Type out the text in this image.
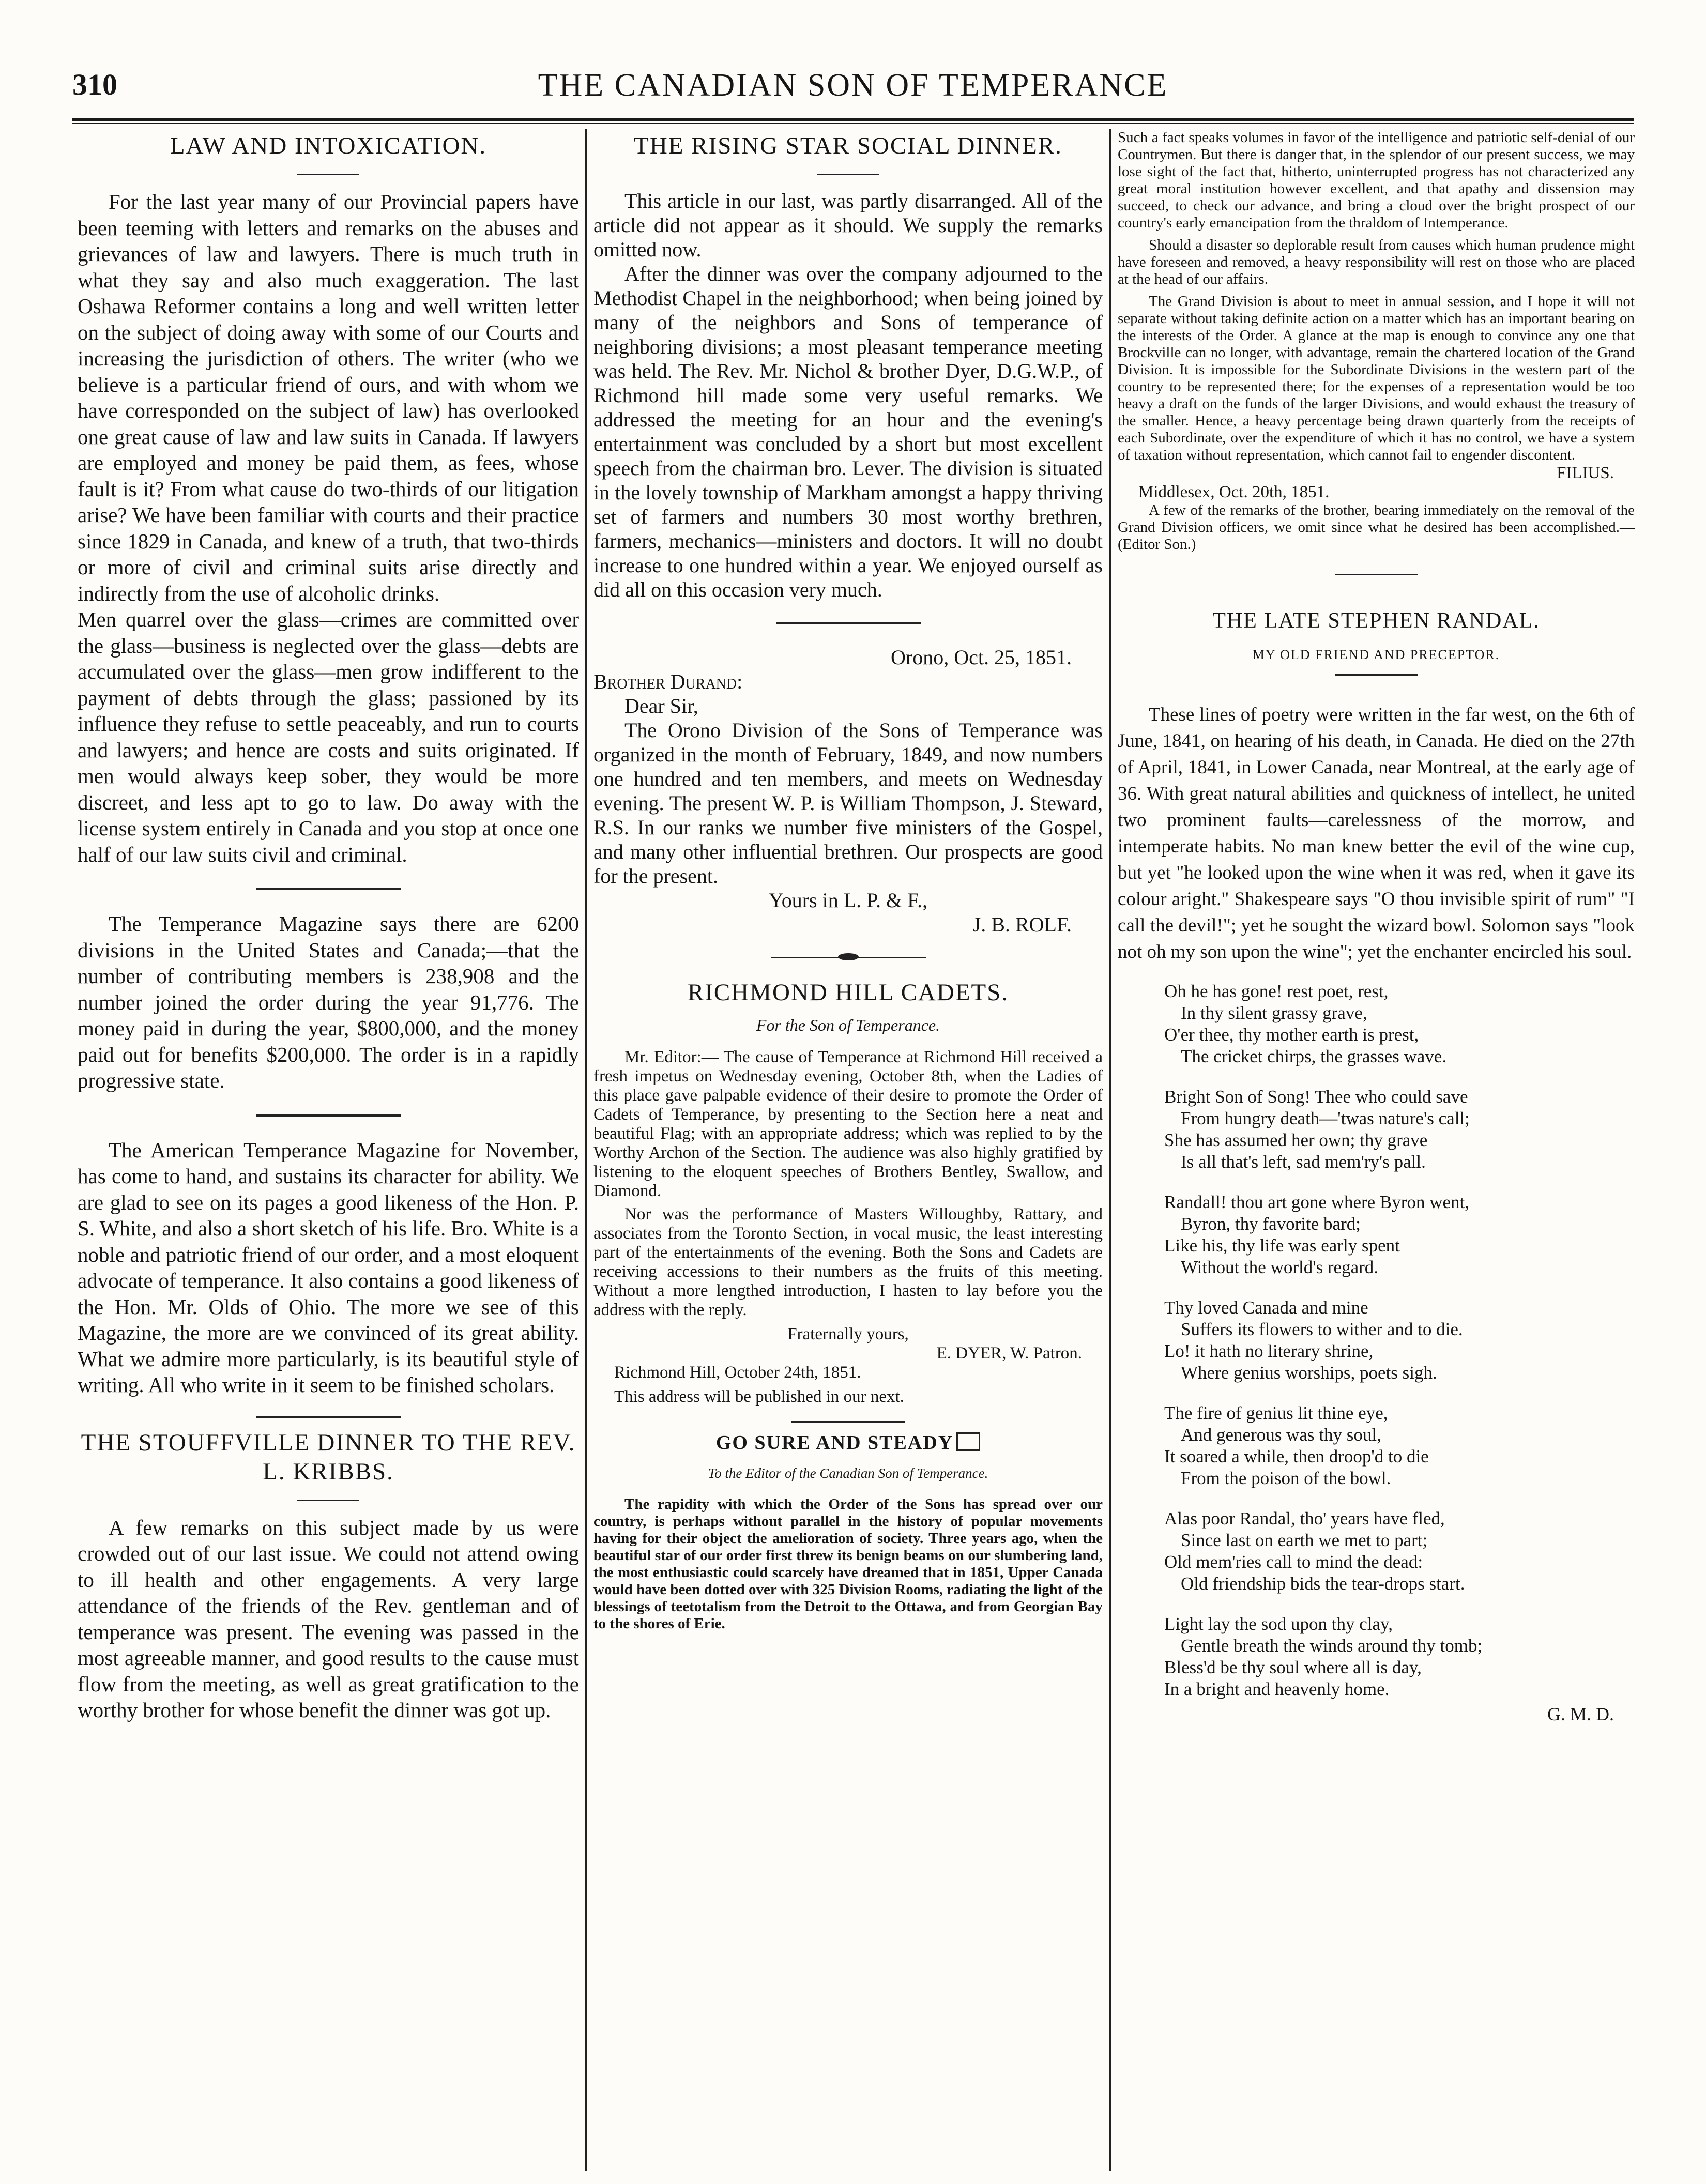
310	THE CANADIAN SON OF TEMPERANCE
LAW AND INTOXICATION.

For the last year many of our Provincial papers have been teeming with letters and remarks on the abuses and grievances of law and lawyers. There is much truth in what they say and also much exaggeration. The last Oshawa Reformer contains a long and well written letter on the subject of doing away with some of our Courts and increasing the jurisdiction of others. The writer (who we believe is a particular friend of ours, and with whom we have corresponded on the subject of law) has overlooked one great cause of law and law suits in Canada. If lawyers are employed and money be paid them, as fees, whose fault is it? From what cause do two-thirds of our litigation arise? We have been familiar with courts and their practice since 1829 in Canada, and knew of a truth, that two-thirds or more of civil and criminal suits arise directly and indirectly from the use of alcoholic drinks.

Men quarrel over the glass—crimes are committed over the glass—business is neglected over the glass—debts are accumulated over the glass—men grow indifferent to the payment of debts through the glass; passioned by its influence they refuse to settle peaceably, and run to courts and lawyers; and hence are costs and suits originated. If men would always keep sober, they would be more discreet, and less apt to go to law. Do away with the license system entirely in Canada and you stop at once one half of our law suits civil and criminal.

The Temperance Magazine says there are 6200 divisions in the United States and Canada;—that the number of contributing members is 238,908 and the number joined the order during the year 91,776. The money paid in during the year, $800,000, and the money paid out for benefits $200,000. The order is in a rapidly progressive state.

The American Temperance Magazine for November, has come to hand, and sustains its character for ability. We are glad to see on its pages a good likeness of the Hon. P. S. White, and also a short sketch of his life. Bro. White is a noble and patriotic friend of our order, and a most eloquent advocate of temperance. It also contains a good likeness of the Hon. Mr. Olds of Ohio. The more we see of this Magazine, the more are we convinced of its great ability. What we admire more particularly, is its beautiful style of writing. All who write in it seem to be finished scholars.

THE STOUFFVILLE DINNER TO THE REV. L. KRIBBS.

A few remarks on this subject made by us were crowded out of our last issue. We could not attend owing to ill health and other engagements. A very large attendance of the friends of the Rev. gentleman and of temperance was present. The evening was passed in the most agreeable manner, and good results to the cause must flow from the meeting, as well as great gratification to the worthy brother for whose benefit the dinner was got up.

THE RISING STAR SOCIAL DINNER.

This article in our last, was partly disarranged. All of the article did not appear as it should. We supply the remarks omitted now.

After the dinner was over the company adjourned to the Methodist Chapel in the neighborhood; when being joined by many of the neighbors and Sons of temperance of neighboring divisions; a most pleasant temperance meeting was held. The Rev. Mr. Nichol & brother Dyer, D.G.W.P., of Richmond hill made some very useful remarks. We addressed the meeting for an hour and the evening's entertainment was concluded by a short but most excellent speech from the chairman bro. Lever. The division is situated in the lovely township of Markham amongst a happy thriving set of farmers and numbers 30 most worthy brethren, farmers, mechanics—ministers and doctors. It will no doubt increase to one hundred within a year. We enjoyed ourself as did all on this occasion very much.

Orono, Oct. 25, 1851.

Brother Durand:

Dear Sir,

The Orono Division of the Sons of Temperance was organized in the month of February, 1849, and now numbers one hundred and ten members, and meets on Wednesday evening. The present W. P. is William Thompson, J. Steward, R.S. In our ranks we number five ministers of the Gospel, and many other influential brethren. Our prospects are good for the present.

Yours in L. P. & F.,

J. B. ROLF.

RICHMOND HILL CADETS.

For the Son of Temperance.

Mr. Editor:— The cause of Temperance at Richmond Hill received a fresh impetus on Wednesday evening, October 8th, when the Ladies of this place gave palpable evidence of their desire to promote the Order of Cadets of Temperance, by presenting to the Section here a neat and beautiful Flag; with an appropriate address; which was replied to by the Worthy Archon of the Section. The audience was also highly gratified by listening to the eloquent speeches of Brothers Bentley, Swallow, and Diamond.

Nor was the performance of Masters Willoughby, Rattary, and associates from the Toronto Section, in vocal music, the least interesting part of the entertainments of the evening. Both the Sons and Cadets are receiving accessions to their numbers as the fruits of this meeting. Without a more lengthed introduction, I hasten to lay before you the address with the reply.

Fraternally yours,

E. DYER, W. Patron.

Richmond Hill, October 24th, 1851.

This address will be published in our next.

GO SURE AND STEADY

To the Editor of the Canadian Son of Temperance.

The rapidity with which the Order of the Sons has spread over our country, is perhaps without parallel in the history of popular movements having for their object the amelioration of society. Three years ago, when the beautiful star of our order first threw its benign beams on our slumbering land, the most enthusiastic could scarcely have dreamed that in 1851, Upper Canada would have been dotted over with 325 Division Rooms, radiating the light of the blessings of teetotalism from the Detroit to the Ottawa, and from Georgian Bay to the shores of Erie.

Such a fact speaks volumes in favor of the intelligence and patriotic self-denial of our Countrymen. But there is danger that, in the splendor of our present success, we may lose sight of the fact that, hitherto, uninterrupted progress has not characterized any great moral institution however excellent, and that apathy and dissension may succeed, to check our advance, and bring a cloud over the bright prospect of our country's early emancipation from the thraldom of Intemperance.

Should a disaster so deplorable result from causes which human prudence might have foreseen and removed, a heavy responsibility will rest on those who are placed at the head of our affairs.

The Grand Division is about to meet in annual session, and I hope it will not separate without taking definite action on a matter which has an important bearing on the interests of the Order. A glance at the map is enough to convince any one that Brockville can no longer, with advantage, remain the chartered location of the Grand Division. It is impossible for the Subordinate Divisions in the western part of the country to be represented there; for the expenses of a representation would be too heavy a draft on the funds of the larger Divisions, and would exhaust the treasury of the smaller. Hence, a heavy percentage being drawn quarterly from the receipts of each Subordinate, over the expenditure of which it has no control, we have a system of taxation without representation, which cannot fail to engender discontent.

FILIUS.

Middlesex, Oct. 20th, 1851.

A few of the remarks of the brother, bearing immediately on the removal of the Grand Division officers, we omit since what he desired has been accomplished.—(Editor Son.)

THE LATE STEPHEN RANDAL.
MY OLD FRIEND AND PRECEPTOR.

These lines of poetry were written in the far west, on the 6th of June, 1841, on hearing of his death, in Canada. He died on the 27th of April, 1841, in Lower Canada, near Montreal, at the early age of 36. With great natural abilities and quickness of intellect, he united two prominent faults—carelessness of the morrow, and intemperate habits. No man knew better the evil of the wine cup, but yet "he looked upon the wine when it was red, when it gave its colour aright." Shakespeare says "O thou invisible spirit of rum" "I call the devil!"; yet he sought the wizard bowl. Solomon says "look not oh my son upon the wine"; yet the enchanter encircled his soul.

Oh he has gone! rest poet, rest,
In thy silent grassy grave,
O'er thee, thy mother earth is prest,
The cricket chirps, the grasses wave.
Bright Son of Song! Thee who could save
From hungry death—'twas nature's call;
She has assumed her own; thy grave
Is all that's left, sad mem'ry's pall.
Randall! thou art gone where Byron went,
Byron, thy favorite bard;
Like his, thy life was early spent
Without the world's regard.
Thy loved Canada and mine
Suffers its flowers to wither and to die.
Lo! it hath no literary shrine,
Where genius worships, poets sigh.
The fire of genius lit thine eye,
And generous was thy soul,
It soared a while, then droop'd to die
From the poison of the bowl.
Alas poor Randal, tho' years have fled,
Since last on earth we met to part;
Old mem'ries call to mind the dead:
Old friendship bids the tear-drops start.
Light lay the sod upon thy clay,
Gentle breath the winds around thy tomb;
Bless'd be thy soul where all is day,
In a bright and heavenly home.

G. M. D.
